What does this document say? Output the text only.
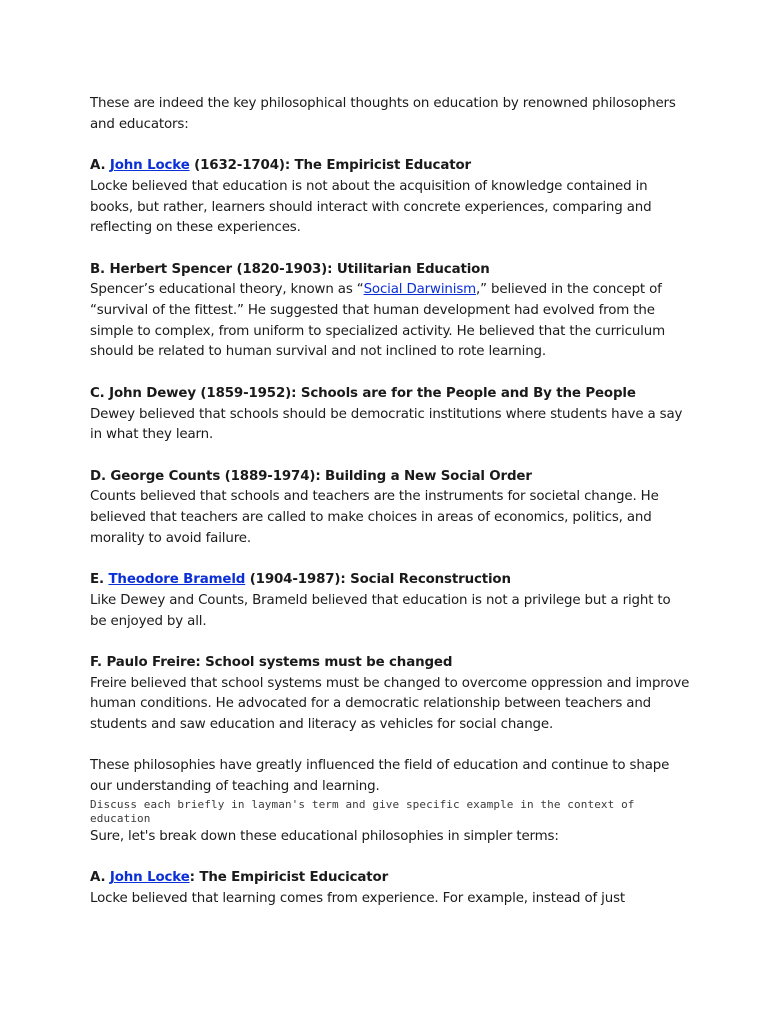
These are indeed the key philosophical thoughts on education by renowned philosophers and educators:

A. John Locke (1632-1704): The Empiricist Educator

Locke believed that education is not about the acquisition of knowledge contained in books, but rather, learners should interact with concrete experiences, comparing and reflecting on these experiences.

B. Herbert Spencer (1820-1903): Utilitarian Education

Spencer’s educational theory, known as “Social Darwinism,” believed in the concept of “survival of the fittest.” He suggested that human development had evolved from the simple to complex, from uniform to specialized activity. He believed that the curriculum should be related to human survival and not inclined to rote learning.

C. John Dewey (1859-1952): Schools are for the People and By the People

Dewey believed that schools should be democratic institutions where students have a say in what they learn.

D. George Counts (1889-1974): Building a New Social Order

Counts believed that schools and teachers are the instruments for societal change. He believed that teachers are called to make choices in areas of economics, politics, and morality to avoid failure.

E. Theodore Brameld (1904-1987): Social Reconstruction

Like Dewey and Counts, Brameld believed that education is not a privilege but a right to be enjoyed by all.

F. Paulo Freire: School systems must be changed

Freire believed that school systems must be changed to overcome oppression and improve human conditions. He advocated for a democratic relationship between teachers and students and saw education and literacy as vehicles for social change.

These philosophies have greatly influenced the field of education and continue to shape our understanding of teaching and learning.

Discuss each briefly in layman's term and give specific example in the context of education

Sure, let's break down these educational philosophies in simpler terms:

A. John Locke: The Empiricist Educicator

Locke believed that learning comes from experience. For example, instead of just
